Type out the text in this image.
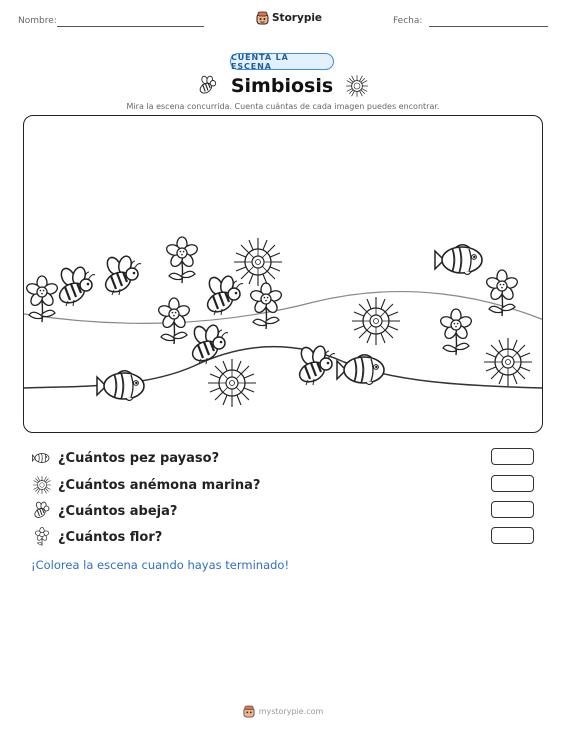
Nombre:	Storypie	Fecha:
CUENTA LA ESCENA
Simbiosis
Mira la escena concurrida. Cuenta cuántas de cada imagen puedes encontrar.
¿Cuántos pez payaso?
¿Cuántos anémona marina?
¿Cuántos abeja?
¿Cuántos flor?
¡Colorea la escena cuando hayas terminado!
mystorypie.com
